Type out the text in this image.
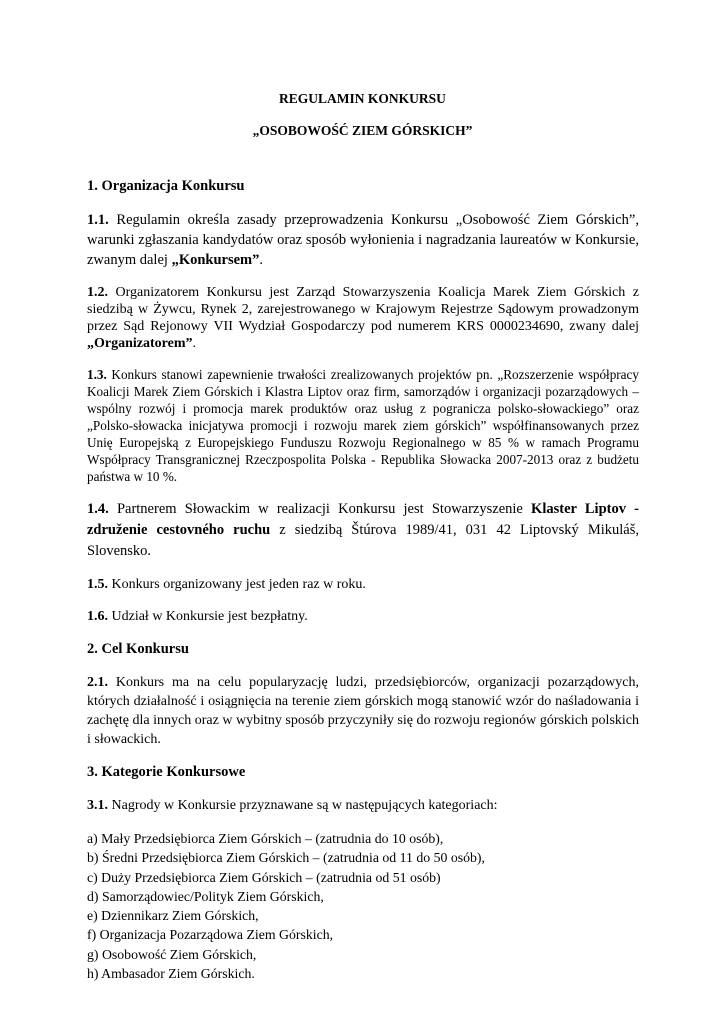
REGULAMIN KONKURSU
„OSOBOWOŚĆ ZIEM GÓRSKICH”
1. Organizacja Konkursu

1.1. Regulamin określa zasady przeprowadzenia Konkursu „Osobowość Ziem Górskich”, warunki zgłaszania kandydatów oraz sposób wyłonienia i nagradzania laureatów w Konkursie, zwanym dalej „Konkursem”.

1.2. Organizatorem Konkursu jest Zarząd Stowarzyszenia Koalicja Marek Ziem Górskich z siedzibą w Żywcu, Rynek 2, zarejestrowanego w Krajowym Rejestrze Sądowym prowadzonym przez Sąd Rejonowy VII Wydział Gospodarczy pod numerem KRS 0000234690, zwany dalej „Organizatorem”.

1.3. Konkurs stanowi zapewnienie trwałości zrealizowanych projektów pn. „Rozszerzenie współpracy Koalicji Marek Ziem Górskich i Klastra Liptov oraz firm, samorządów i organizacji pozarządowych – wspólny rozwój i promocja marek produktów oraz usług z pogranicza polsko-słowackiego” oraz „Polsko-słowacka inicjatywa promocji i rozwoju marek ziem górskich” współfinansowanych przez Unię Europejską z Europejskiego Funduszu Rozwoju Regionalnego w 85 % w ramach Programu Współpracy Transgranicznej Rzeczpospolita Polska - Republika Słowacka 2007-2013 oraz z budżetu państwa w 10 %.

1.4. Partnerem Słowackim w realizacji Konkursu jest Stowarzyszenie Klaster Liptov - združenie cestovného ruchu z siedzibą Štúrova 1989/41, 031 42 Liptovský Mikuláš, Slovensko.

1.5. Konkurs organizowany jest jeden raz w roku.

1.6. Udział w Konkursie jest bezpłatny.

2. Cel Konkursu

2.1. Konkurs ma na celu popularyzację ludzi, przedsiębiorców, organizacji pozarządowych, których działalność i osiągnięcia na terenie ziem górskich mogą stanowić wzór do naśladowania i zachętę dla innych oraz w wybitny sposób przyczyniły się do rozwoju regionów górskich polskich i słowackich.

3. Kategorie Konkursowe

3.1. Nagrody w Konkursie przyznawane są w następujących kategoriach:

a) Mały Przedsiębiorca Ziem Górskich – (zatrudnia do 10 osób),
b) Średni Przedsiębiorca Ziem Górskich – (zatrudnia od 11 do 50 osób),
c) Duży Przedsiębiorca Ziem Górskich – (zatrudnia od 51 osób)
d) Samorządowiec/Polityk Ziem Górskich,
e) Dziennikarz Ziem Górskich,
f) Organizacja Pozarządowa Ziem Górskich,
g) Osobowość Ziem Górskich,
h) Ambasador Ziem Górskich.
